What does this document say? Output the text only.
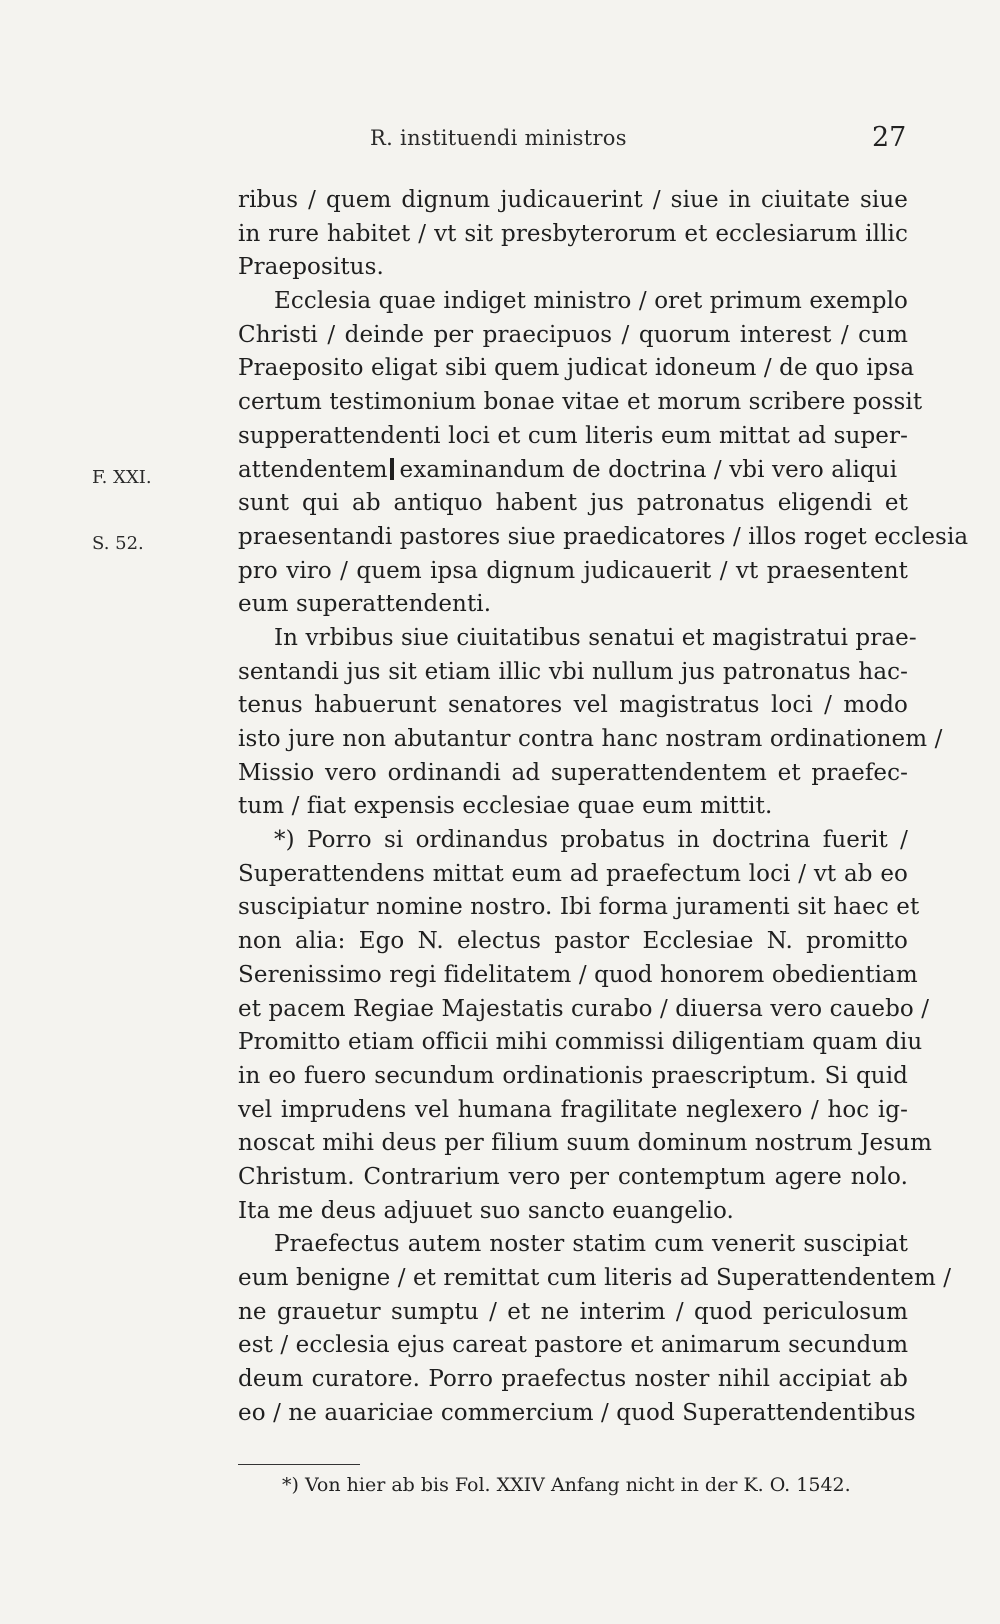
R. instituendi ministros	27
F. XXI.
S. 52.
ribus / quem dignum judicauerint / siue in ciuitate siue
in rure habitet / vt sit presbyterorum et ecclesiarum illic
Praepositus.
Ecclesia quae indiget ministro / oret primum exemplo
Christi / deinde per praecipuos / quorum interest / cum
Praeposito eligat sibi quem judicat idoneum / de quo ipsa
certum testimonium bonae vitae et morum scribere possit
supperattendenti loci et cum literis eum mittat ad super-
attendentem examinandum de doctrina / vbi vero aliqui
sunt qui ab antiquo habent jus patronatus eligendi et
praesentandi pastores siue praedicatores / illos roget ecclesia
pro viro / quem ipsa dignum judicauerit / vt praesentent
eum superattendenti.
In vrbibus siue ciuitatibus senatui et magistratui prae-
sentandi jus sit etiam illic vbi nullum jus patronatus hac-
tenus habuerunt senatores vel magistratus loci / modo
isto jure non abutantur contra hanc nostram ordinationem /
Missio vero ordinandi ad superattendentem et praefec-
tum / fiat expensis ecclesiae quae eum mittit.
*) Porro si ordinandus probatus in doctrina fuerit /
Superattendens mittat eum ad praefectum loci / vt ab eo
suscipiatur nomine nostro. Ibi forma juramenti sit haec et
non alia: Ego N. electus pastor Ecclesiae N. promitto
Serenissimo regi fidelitatem / quod honorem obedientiam
et pacem Regiae Majestatis curabo / diuersa vero cauebo /
Promitto etiam officii mihi commissi diligentiam quam diu
in eo fuero secundum ordinationis praescriptum. Si quid
vel imprudens vel humana fragilitate neglexero / hoc ig-
noscat mihi deus per filium suum dominum nostrum Jesum
Christum. Contrarium vero per contemptum agere nolo.
Ita me deus adjuuet suo sancto euangelio.
Praefectus autem noster statim cum venerit suscipiat
eum benigne / et remittat cum literis ad Superattendentem /
ne grauetur sumptu / et ne interim / quod periculosum
est / ecclesia ejus careat pastore et animarum secundum
deum curatore. Porro praefectus noster nihil accipiat ab
eo / ne auariciae commercium / quod Superattendentibus
*) Von hier ab bis Fol. XXIV Anfang nicht in der K. O. 1542.
